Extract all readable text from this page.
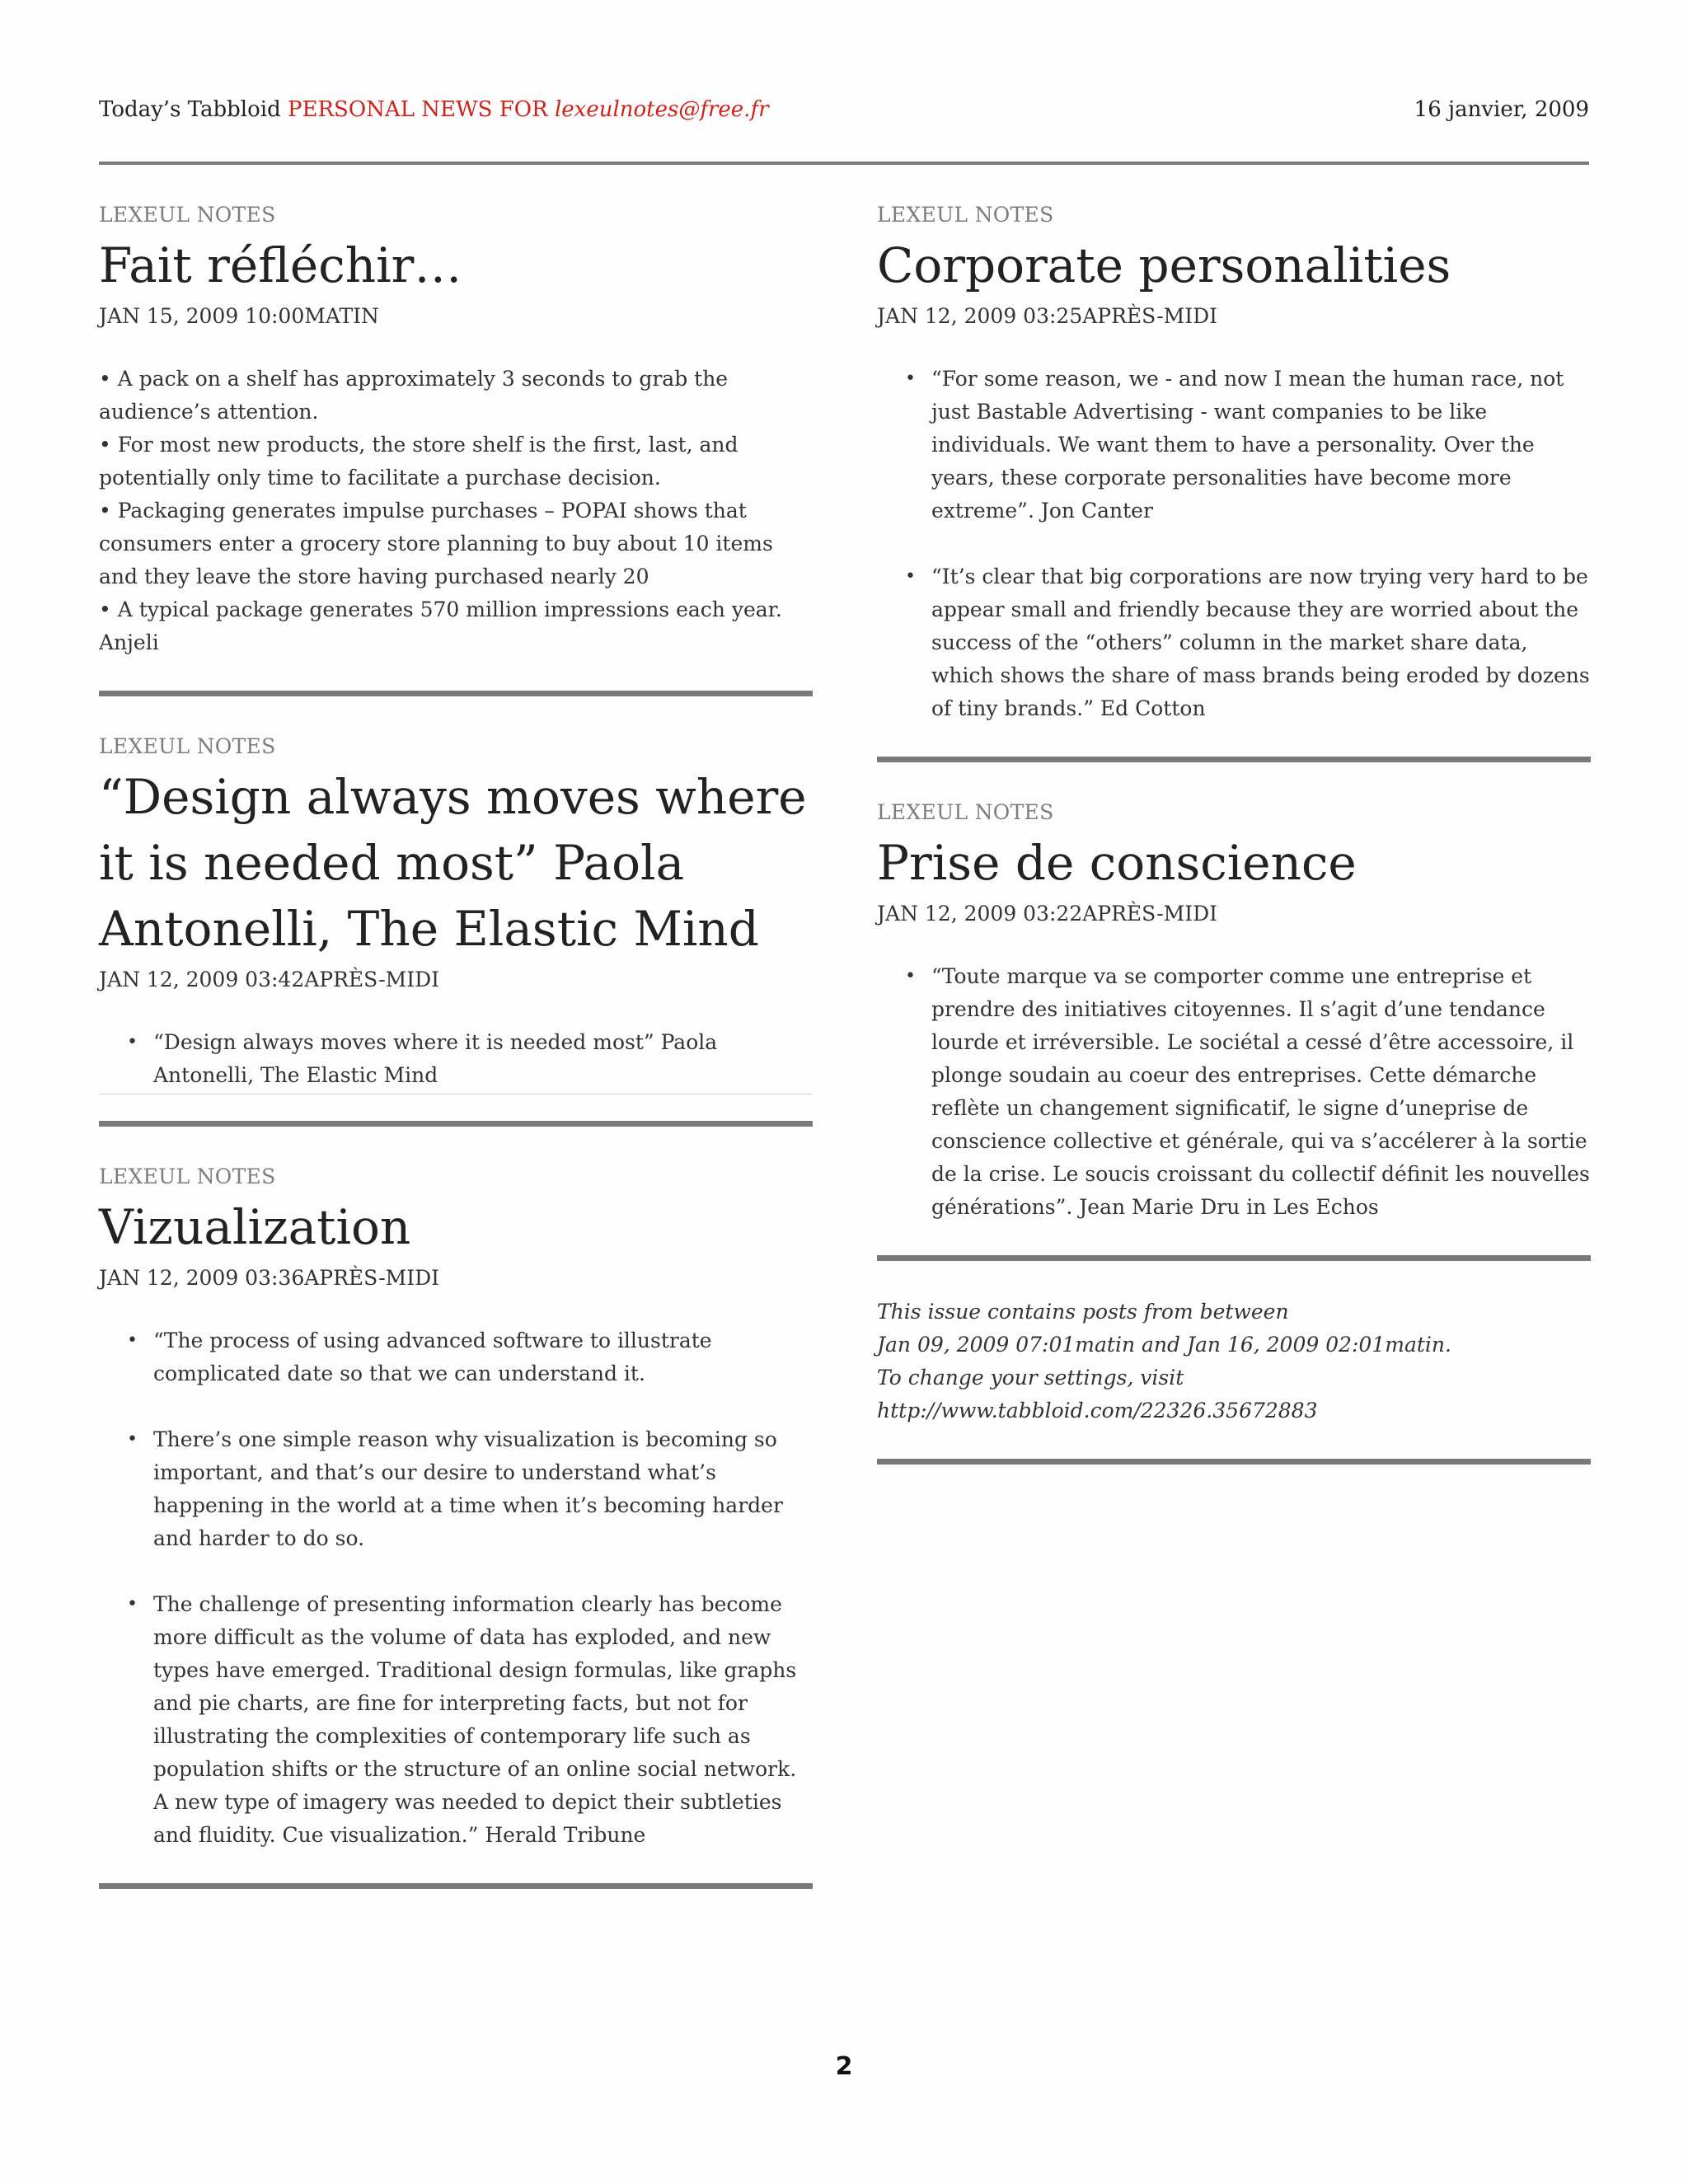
Today’s Tabbloid PERSONAL NEWS FOR lexeulnotes@free.fr	16 janvier, 2009
LEXEUL NOTES
Fait réfléchir…
JAN 15, 2009 10:00MATIN
• A pack on a shelf has approximately 3 seconds to grab the audience’s attention.
• For most new products, the store shelf is the first, last, and potentially only time to facilitate a purchase decision.
• Packaging generates impulse purchases – POPAI shows that consumers enter a grocery store planning to buy about 10 items and they leave the store having purchased nearly 20
• A typical package generates 570 million impressions each year. Anjeli
LEXEUL NOTES
“Design always moves where it is needed most” Paola Antonelli, The Elastic Mind
JAN 12, 2009 03:42APRÈS-MIDI
• “Design always moves where it is needed most” Paola Antonelli, The Elastic Mind
LEXEUL NOTES
Vizualization
JAN 12, 2009 03:36APRÈS-MIDI
• “The process of using advanced software to illustrate complicated date so that we can understand it.
• There’s one simple reason why visualization is becoming so important, and that’s our desire to understand what’s happening in the world at a time when it’s becoming harder and harder to do so.
• The challenge of presenting information clearly has become more difficult as the volume of data has exploded, and new types have emerged. Traditional design formulas, like graphs and pie charts, are fine for interpreting facts, but not for illustrating the complexities of contemporary life such as population shifts or the structure of an online social network. A new type of imagery was needed to depict their subtleties and fluidity. Cue visualization.” Herald Tribune
LEXEUL NOTES
Corporate personalities
JAN 12, 2009 03:25APRÈS-MIDI
• “For some reason, we - and now I mean the human race, not just Bastable Advertising - want companies to be like individuals. We want them to have a personality. Over the years, these corporate personalities have become more extreme”. Jon Canter
• “It’s clear that big corporations are now trying very hard to be appear small and friendly because they are worried about the success of the “others” column in the market share data, which shows the share of mass brands being eroded by dozens of tiny brands.” Ed Cotton
LEXEUL NOTES
Prise de conscience
JAN 12, 2009 03:22APRÈS-MIDI
• “Toute marque va se comporter comme une entreprise et prendre des initiatives citoyennes. Il s’agit d’une tendance lourde et irréversible. Le sociétal a cessé d’être accessoire, il plonge soudain au coeur des entreprises. Cette démarche reflète un changement significatif, le signe d’uneprise de conscience collective et générale, qui va s’accélerer à la sortie de la crise. Le soucis croissant du collectif définit les nouvelles générations”. Jean Marie Dru in Les Echos
This issue contains posts from between
Jan 09, 2009 07:01matin and Jan 16, 2009 02:01matin.
To change your settings, visit
http://www.tabbloid.com/22326.35672883
2
